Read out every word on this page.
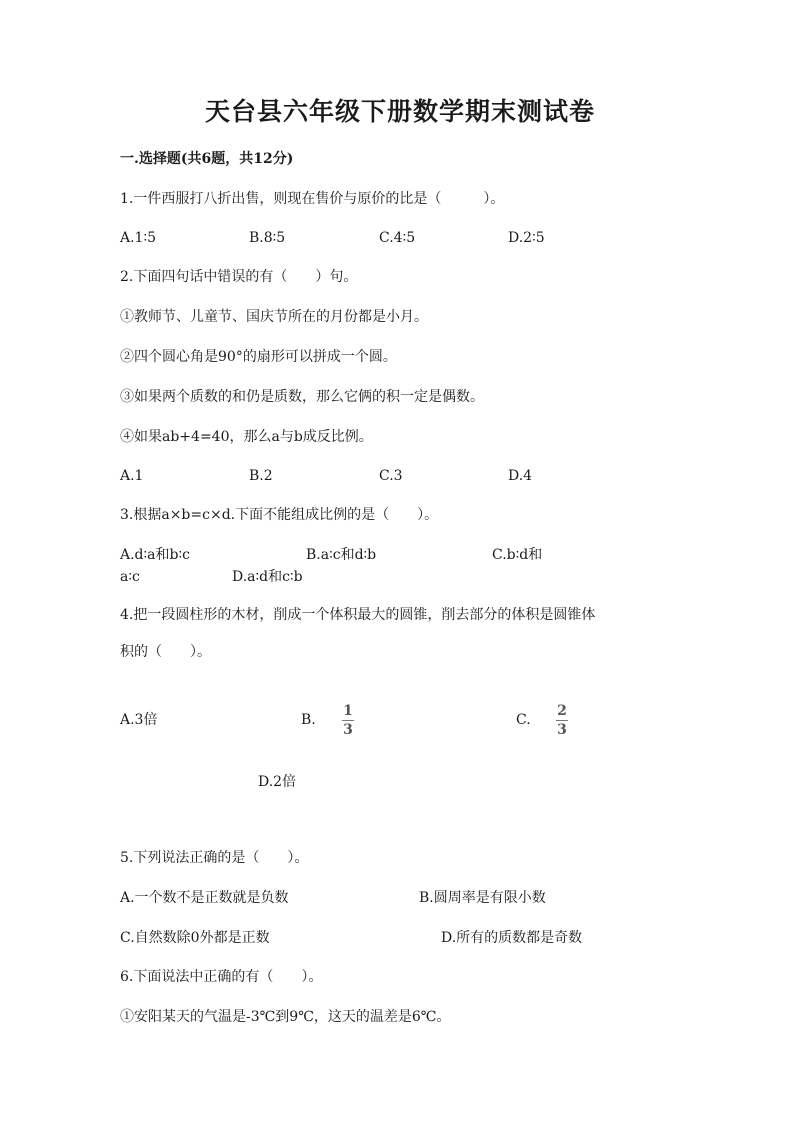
天台县六年级下册数学期末测试卷
一.选择题(共6题，共12分)
1.一件西服打八折出售，则现在售价与原价的比是（　　　）。
A.1∶5	B.8∶5	C.4∶5	D.2∶5
2.下面四句话中错误的有（　　）句。
①教师节、儿童节、国庆节所在的月份都是小月。
②四个圆心角是90°的扇形可以拼成一个圆。
③如果两个质数的和仍是质数，那么它俩的积一定是偶数。
④如果ab+4=40，那么a与b成反比例。
A.1	B.2	C.3	D.4
3.根据a×b=c×d.下面不能组成比例的是（　　）。
A.d∶a和b∶c	B.a∶c和d∶b	C.b∶d和
a∶c	D.a∶d和c∶b
4.把一段圆柱形的木材，削成一个体积最大的圆锥，削去部分的体积是圆锥体
积的（　　）。
A.3倍	B.
1
3
C.
2
3
D.2倍
5.下列说法正确的是（　　）。
A.一个数不是正数就是负数	B.圆周率是有限小数
C.自然数除0外都是正数	D.所有的质数都是奇数
6.下面说法中正确的有（　　）。
①安阳某天的气温是-3℃到9℃，这天的温差是6℃。
